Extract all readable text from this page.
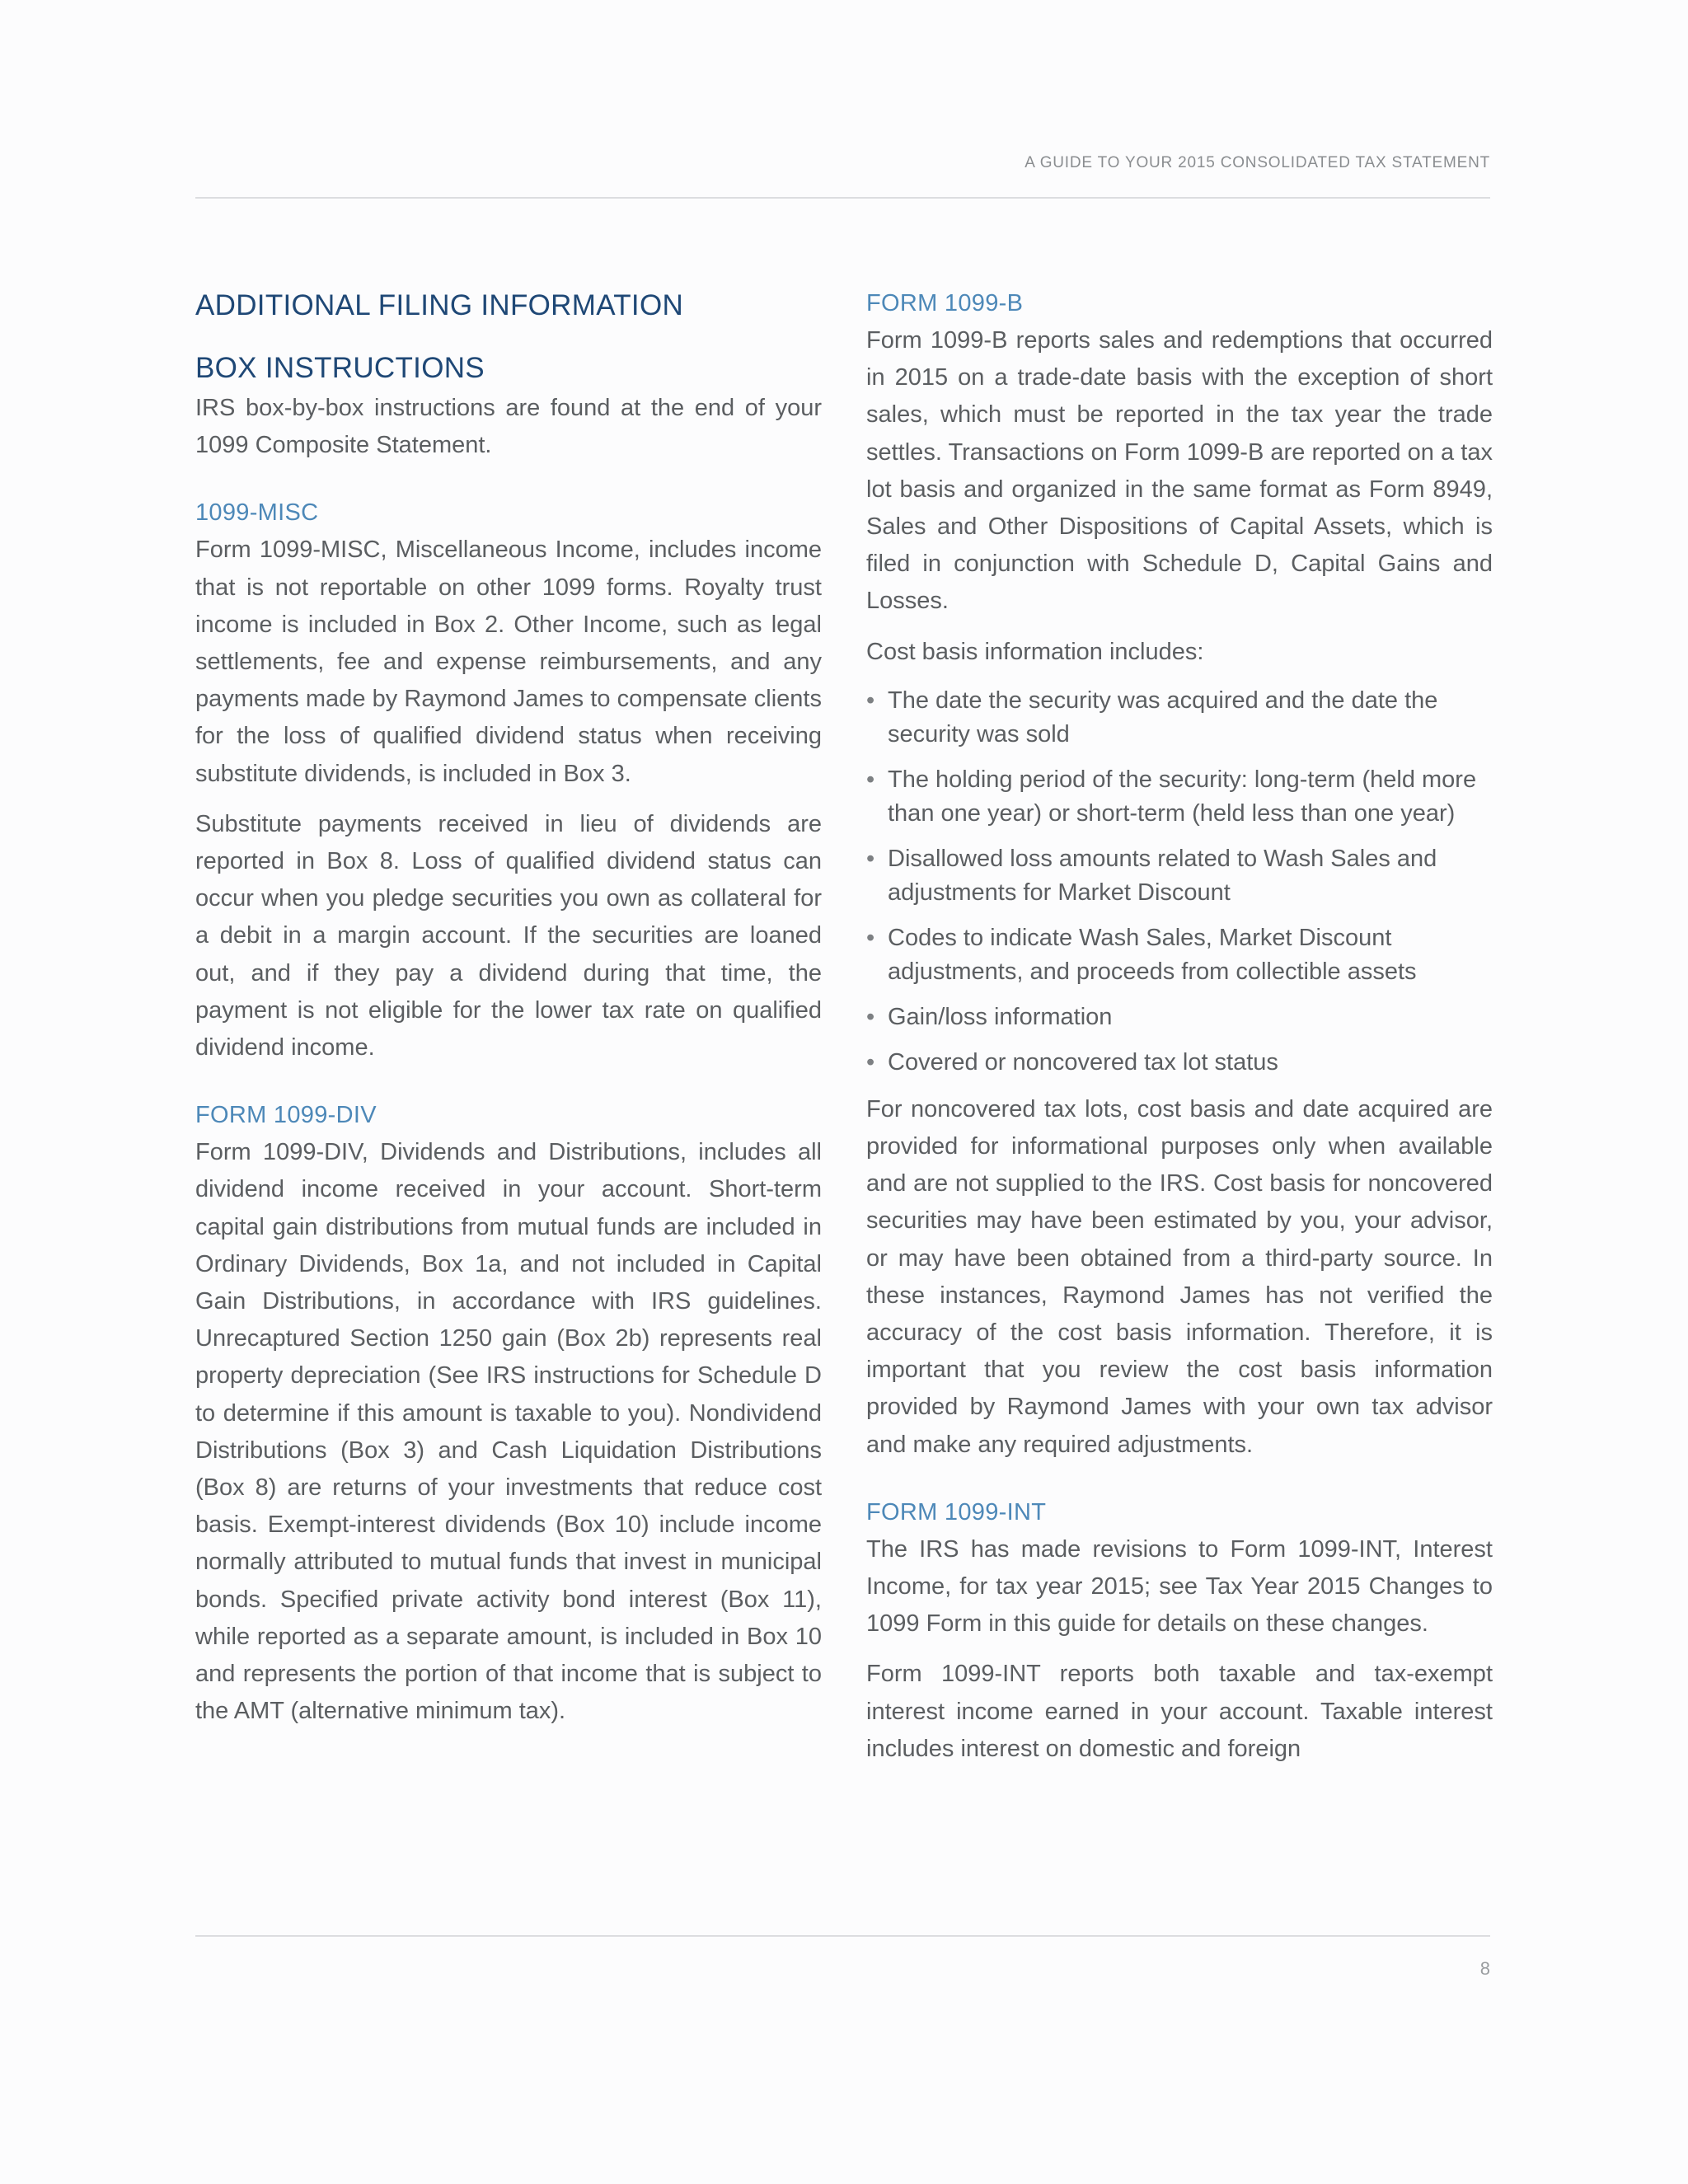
A GUIDE TO YOUR 2015 CONSOLIDATED TAX STATEMENT
ADDITIONAL FILING INFORMATION
BOX INSTRUCTIONS

IRS box-by-box instructions are found at the end of your 1099 Composite Statement.

1099-MISC

Form 1099-MISC, Miscellaneous Income, includes income that is not reportable on other 1099 forms. Royalty trust income is included in Box 2. Other Income, such as legal settlements, fee and expense reimbursements, and any payments made by Raymond James to compensate clients for the loss of qualified dividend status when receiving substitute dividends, is included in Box 3.

Substitute payments received in lieu of dividends are reported in Box 8. Loss of qualified dividend status can occur when you pledge securities you own as collateral for a debit in a margin account. If the securities are loaned out, and if they pay a dividend during that time, the payment is not eligible for the lower tax rate on qualified dividend income.

FORM 1099-DIV

Form 1099-DIV, Dividends and Distributions, includes all dividend income received in your account. Short-term capital gain distributions from mutual funds are included in Ordinary Dividends, Box 1a, and not included in Capital Gain Distributions, in accordance with IRS guidelines. Unrecaptured Section 1250 gain (Box 2b) represents real property depreciation (See IRS instructions for Schedule D to determine if this amount is taxable to you). Nondividend Distributions (Box 3) and Cash Liquidation Distributions (Box 8) are returns of your investments that reduce cost basis. Exempt-interest dividends (Box 10) include income normally attributed to mutual funds that invest in municipal bonds. Specified private activity bond interest (Box 11), while reported as a separate amount, is included in Box 10 and represents the portion of that income that is subject to the AMT (alternative minimum tax).

FORM 1099-B

Form 1099-B reports sales and redemptions that occurred in 2015 on a trade-date basis with the exception of short sales, which must be reported in the tax year the trade settles. Transactions on Form 1099-B are reported on a tax lot basis and organized in the same format as Form 8949, Sales and Other Dispositions of Capital Assets, which is filed in conjunction with Schedule D, Capital Gains and Losses.

Cost basis information includes:

• The date the security was acquired and the date the security was sold
• The holding period of the security: long-term (held more than one year) or short-term (held less than one year)
• Disallowed loss amounts related to Wash Sales and adjustments for Market Discount
• Codes to indicate Wash Sales, Market Discount adjustments, and proceeds from collectible assets
• Gain/loss information
• Covered or noncovered tax lot status

For noncovered tax lots, cost basis and date acquired are provided for informational purposes only when available and are not supplied to the IRS. Cost basis for noncovered securities may have been estimated by you, your advisor, or may have been obtained from a third-party source. In these instances, Raymond James has not verified the accuracy of the cost basis information. Therefore, it is important that you review the cost basis information provided by Raymond James with your own tax advisor and make any required adjustments.

FORM 1099-INT

The IRS has made revisions to Form 1099-INT, Interest Income, for tax year 2015; see Tax Year 2015 Changes to 1099 Form in this guide for details on these changes.

Form 1099-INT reports both taxable and tax-exempt interest income earned in your account. Taxable interest includes interest on domestic and foreign

8
